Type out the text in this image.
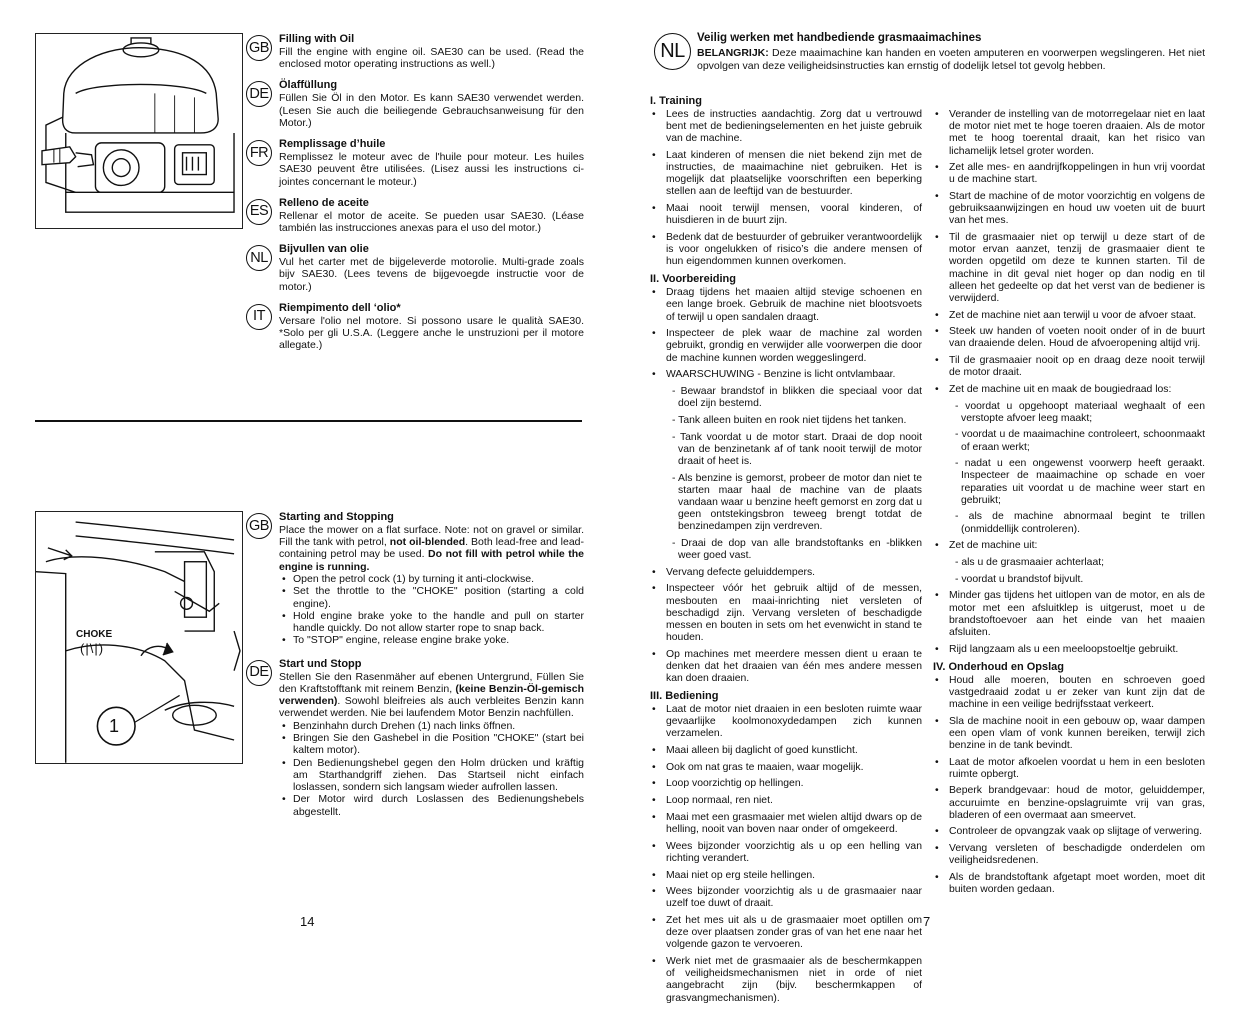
GB
Filling with Oil

Fill the engine with engine oil. SAE30 can be used. (Read the enclosed motor operating instructions as well.)

DE
Ölaffüllung

Füllen Sie Öl in den Motor. Es kann SAE30 verwendet werden. (Lesen Sie auch die beiliegende Gebrauchsanweisung für den Motor.)

FR
Remplissage d’huile

Remplissez le moteur avec de l'huile pour moteur. Les huiles SAE30 peuvent être utilisées. (Lisez aussi les instructions ci-jointes concernant le moteur.)

ES
Relleno de aceite

Rellenar el motor de aceite. Se pueden usar SAE30. (Léase también las instrucciones anexas para el uso del motor.)

NL
Bijvullen van olie

Vul het carter met de bijgeleverde motorolie. Multi-grade zoals bijv SAE30. (Lees tevens de bijgevoegde instructie voor de motor.)

IT
Riempimento dell ‘olio*

Versare l'olio nel motore. Si possono usare le qualità SAE30. *Solo per gli U.S.A. (Leggere anche le unstruzioni per il motore allegate.)

CHOKE
(|\|)
1
GB
Starting and Stopping

Place the mower on a flat surface. Note: not on gravel or similar. Fill the tank with petrol, not oil-blended. Both lead-free and lead-containing petrol may be used. Do not fill with petrol while the engine is running.

• Open the petrol cock (1) by turning it anti-clockwise.
• Set the throttle to the "CHOKE" position (starting a cold engine).
• Hold engine brake yoke to the handle and pull on starter handle quickly. Do not allow starter rope to snap back.
• To "STOP" engine, release engine brake yoke.
DE
Start und Stopp

Stellen Sie den Rasenmäher auf ebenen Untergrund, Füllen Sie den Kraftstofftank mit reinem Benzin, (keine Benzin-Öl-gemisch verwenden). Sowohl bleifreies als auch verbleites Benzin kann verwendet werden. Nie bei laufendem Motor Benzin nachfüllen.

• Benzinhahn durch Drehen (1) nach links öffnen.
• Bringen Sie den Gashebel in die Position "CHOKE" (start bei kaltem motor).
• Den Bedienungshebel gegen den Holm drücken und kräftig am Starthandgriff ziehen. Das Startseil nicht einfach loslassen, sondern sich langsam wieder aufrollen lassen.
• Der Motor wird durch Loslassen des Bedienungshebels abgestellt.
14
NL
Veilig werken met handbediende grasmaaimachines

BELANGRIJK: Deze maaimachine kan handen en voeten amputeren en voorwerpen wegslingeren. Het niet opvolgen van deze veiligheidsinstructies kan ernstig of dodelijk letsel tot gevolg hebben.

I. Training
• Lees de instructies aandachtig. Zorg dat u vertrouwd bent met de bedieningselementen en het juiste gebruik van de machine.
• Laat kinderen of mensen die niet bekend zijn met de instructies, de maaimachine niet gebruiken. Het is mogelijk dat plaatselijke voorschriften een beperking stellen aan de leeftijd van de bestuurder.
• Maai nooit terwijl mensen, vooral kinderen, of huisdieren in de buurt zijn.
• Bedenk dat de bestuurder of gebruiker verantwoordelijk is voor ongelukken of risico’s die andere mensen of hun eigendommen kunnen overkomen.
II. Voorbereiding
• Draag tijdens het maaien altijd stevige schoenen en een lange broek. Gebruik de machine niet blootsvoets of terwijl u open sandalen draagt.
• Inspecteer de plek waar de machine zal worden gebruikt, grondig en verwijder alle voorwerpen die door de machine kunnen worden weggeslingerd.
• WAARSCHUWING - Benzine is licht ontvlambaar.
- Bewaar brandstof in blikken die speciaal voor dat doel zijn bestemd.
- Tank alleen buiten en rook niet tijdens het tanken.
- Tank voordat u de motor start. Draai de dop nooit van de benzinetank af of tank nooit terwijl de motor draait of heet is.
- Als benzine is gemorst, probeer de motor dan niet te starten maar haal de machine van de plaats vandaan waar u benzine heeft gemorst en zorg dat u geen ontstekingsbron teweeg brengt totdat de benzinedampen zijn verdreven.
- Draai de dop van alle brandstoftanks en -blikken weer goed vast.
• Vervang defecte geluiddempers.
• Inspecteer vóór het gebruik altijd of de messen, mesbouten en maai-inrichting niet versleten of beschadigd zijn. Vervang versleten of beschadigde messen en bouten in sets om het evenwicht in stand te houden.
• Op machines met meerdere messen dient u eraan te denken dat het draaien van één mes andere messen kan doen draaien.
III. Bediening
• Laat de motor niet draaien in een besloten ruimte waar gevaarlijke koolmonoxydedampen zich kunnen verzamelen.
• Maai alleen bij daglicht of goed kunstlicht.
• Ook om nat gras te maaien, waar mogelijk.
• Loop voorzichtig op hellingen.
• Loop normaal, ren niet.
• Maai met een grasmaaier met wielen altijd dwars op de helling, nooit van boven naar onder of omgekeerd.
• Wees bijzonder voorzichtig als u op een helling van richting verandert.
• Maai niet op erg steile hellingen.
• Wees bijzonder voorzichtig als u de grasmaaier naar uzelf toe duwt of draait.
• Zet het mes uit als u de grasmaaier moet optillen om deze over plaatsen zonder gras of van het ene naar het volgende gazon te vervoeren.
• Werk niet met de grasmaaier als de beschermkappen of veiligheidsmechanismen niet in orde of niet aangebracht zijn (bijv. beschermkappen of grasvangmechanismen).
• Verander de instelling van de motorregelaar niet en laat de motor niet met te hoge toeren draaien. Als de motor met te hoog toerental draait, kan het risico van lichamelijk letsel groter worden.
• Zet alle mes- en aandrijfkoppelingen in hun vrij voordat u de machine start.
• Start de machine of de motor voorzichtig en volgens de gebruiksaanwijzingen en houd uw voeten uit de buurt van het mes.
• Til de grasmaaier niet op terwijl u deze start of de motor ervan aanzet, tenzij de grasmaaier dient te worden opgetild om deze te kunnen starten. Til de machine in dit geval niet hoger op dan nodig en til alleen het gedeelte op dat het verst van de bediener is verwijderd.
• Zet de machine niet aan terwijl u voor de afvoer staat.
• Steek uw handen of voeten nooit onder of in de buurt van draaiende delen. Houd de afvoeropening altijd vrij.
• Til de grasmaaier nooit op en draag deze nooit terwijl de motor draait.
• Zet de machine uit en maak de bougiedraad los:
- voordat u opgehoopt materiaal weghaalt of een verstopte afvoer leeg maakt;
- voordat u de maaimachine controleert, schoonmaakt of eraan werkt;
- nadat u een ongewenst voorwerp heeft geraakt. Inspecteer de maaimachine op schade en voer reparaties uit voordat u de machine weer start en gebruikt;
- als de machine abnormaal begint te trillen (onmiddellijk controleren).
• Zet de machine uit:
- als u de grasmaaier achterlaat;
- voordat u brandstof bijvult.
• Minder gas tijdens het uitlopen van de motor, en als de motor met een afsluitklep is uitgerust, moet u de brandstoftoevoer aan het einde van het maaien afsluiten.
• Rijd langzaam als u een meeloopstoeltje gebruikt.
IV. Onderhoud en Opslag
• Houd alle moeren, bouten en schroeven goed vastgedraaid zodat u er zeker van kunt zijn dat de machine in een veilige bedrijfsstaat verkeert.
• Sla de machine nooit in een gebouw op, waar dampen een open vlam of vonk kunnen bereiken, terwijl zich benzine in de tank bevindt.
• Laat de motor afkoelen voordat u hem in een besloten ruimte opbergt.
• Beperk brandgevaar: houd de motor, geluiddemper, accuruimte en benzine-opslagruimte vrij van gras, bladeren of een overmaat aan smeervet.
• Controleer de opvangzak vaak op slijtage of verwering.
• Vervang versleten of beschadigde onderdelen om veiligheidsredenen.
• Als de brandstoftank afgetapt moet worden, moet dit buiten worden gedaan.
7
